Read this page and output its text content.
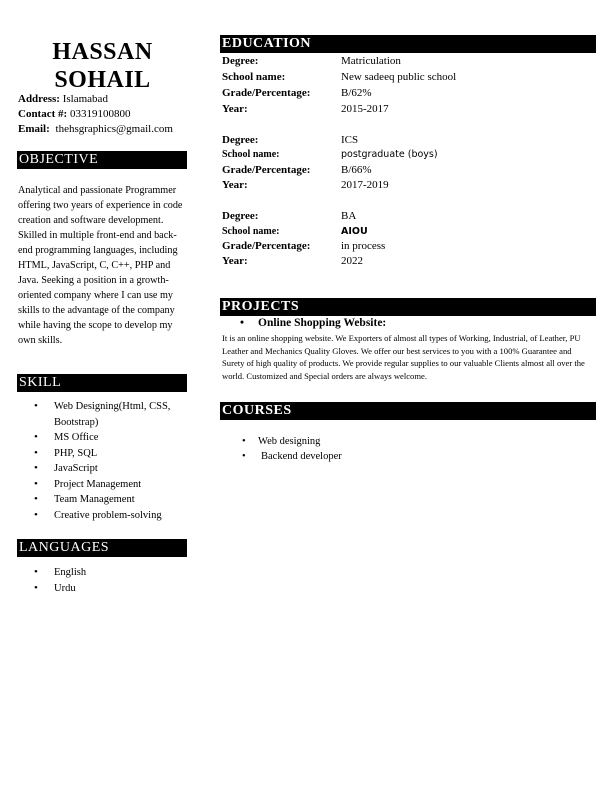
HASSAN
SOHAIL
Address: Islamabad
Contact #: 03319100800
Email: thehsgraphics@gmail.com
OBJECTIVE
Analytical and passionate Programmer offering two years of experience in code creation and software development. Skilled in multiple front-end and back-end programming languages, including HTML, JavaScript, C, C++, PHP and Java. Seeking a position in a growth-oriented company where I can use my skills to the advantage of the company while having the scope to develop my own skills.
SKILL
• Web Designing(Html, CSS, Bootstrap)
• MS Office
• PHP, SQL
• JavaScript
• Project Management
• Team Management
• Creative problem-solving
LANGUAGES
• English
• Urdu
EDUCATION
Degree:	Matriculation
School name:	New sadeeq public school
Grade/Percentage:	B/62%
Year:	2015-2017
Degree:	ICS
School name:	postgraduate (boys)
Grade/Percentage:	B/66%
Year:	2017-2019
Degree:	BA
School name:	AIOU
Grade/Percentage:	in process
Year:	2022
PROJECTS
• Online Shopping Website:
It is an online shopping website. We Exporters of almost all types of Working, Industrial, of Leather, PU Leather and Mechanics Quality Gloves. We offer our best services to you with a 100% Guarantee and Surety of high quality of products. We provide regular supplies to our valuable Clients almost all over the world. Customized and Special orders are always welcome.
COURSES
• Web designing
• Backend developer
